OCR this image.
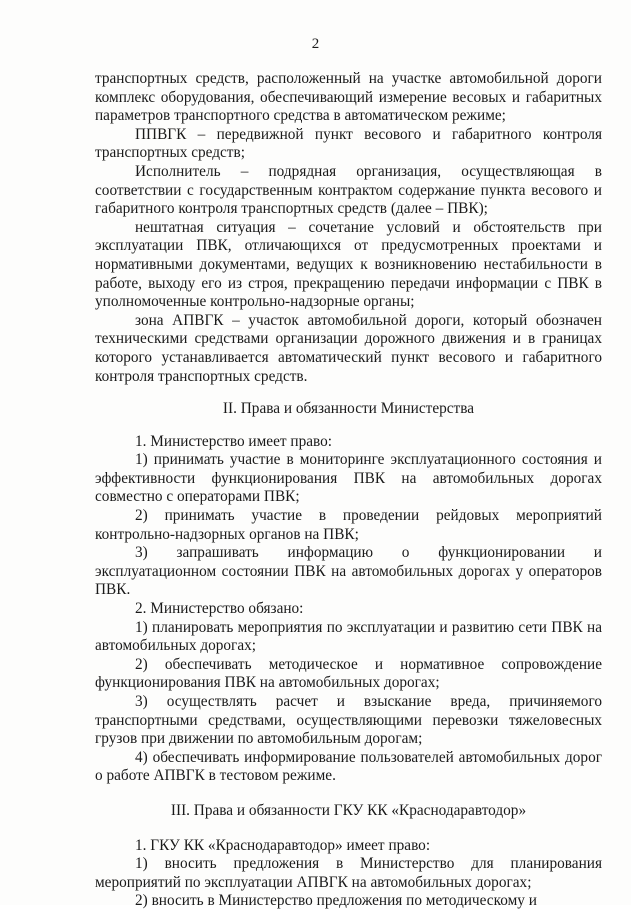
2

транспортных средств, расположенный на участке автомобильной дороги комплекс оборудования, обеспечивающий измерение весовых и габаритных параметров транспортного средства в автоматическом режиме;

ППВГК – передвижной пункт весового и габаритного контроля транспортных средств;

Исполнитель – подрядная организация, осуществляющая в соответствии с государственным контрактом содержание пункта весового и габаритного контроля транспортных средств (далее – ПВК);

нештатная ситуация – сочетание условий и обстоятельств при эксплуатации ПВК, отличающихся от предусмотренных проектами и нормативными документами, ведущих к возникновению нестабильности в работе, выходу его из строя, прекращению передачи информации с ПВК в уполномоченные контрольно-надзорные органы;

зона АПВГК – участок автомобильной дороги, который обозначен техническими средствами организации дорожного движения и в границах которого устанавливается автоматический пункт весового и габаритного контроля транспортных средств.

II. Права и обязанности Министерства

1. Министерство имеет право:

1) принимать участие в мониторинге эксплуатационного состояния и эффективности функционирования ПВК на автомобильных дорогах совместно с операторами ПВК;

2) принимать участие в проведении рейдовых мероприятий контрольно-надзорных органов на ПВК;

3) запрашивать информацию о функционировании и эксплуатационном состоянии ПВК на автомобильных дорогах у операторов ПВК.

2. Министерство обязано:

1) планировать мероприятия по эксплуатации и развитию сети ПВК на автомобильных дорогах;

2) обеспечивать методическое и нормативное сопровождение функционирования ПВК на автомобильных дорогах;

3) осуществлять расчет и взыскание вреда, причиняемого транспортными средствами, осуществляющими перевозки тяжеловесных грузов при движении по автомобильным дорогам;

4) обеспечивать информирование пользователей автомобильных дорог о работе АПВГК в тестовом режиме.

III. Права и обязанности ГКУ КК «Краснодаравтодор»

1. ГКУ КК «Краснодаравтодор» имеет право:

1) вносить предложения в Министерство для планирования мероприятий по эксплуатации АПВГК на автомобильных дорогах;

2) вносить в Министерство предложения по методическому и
